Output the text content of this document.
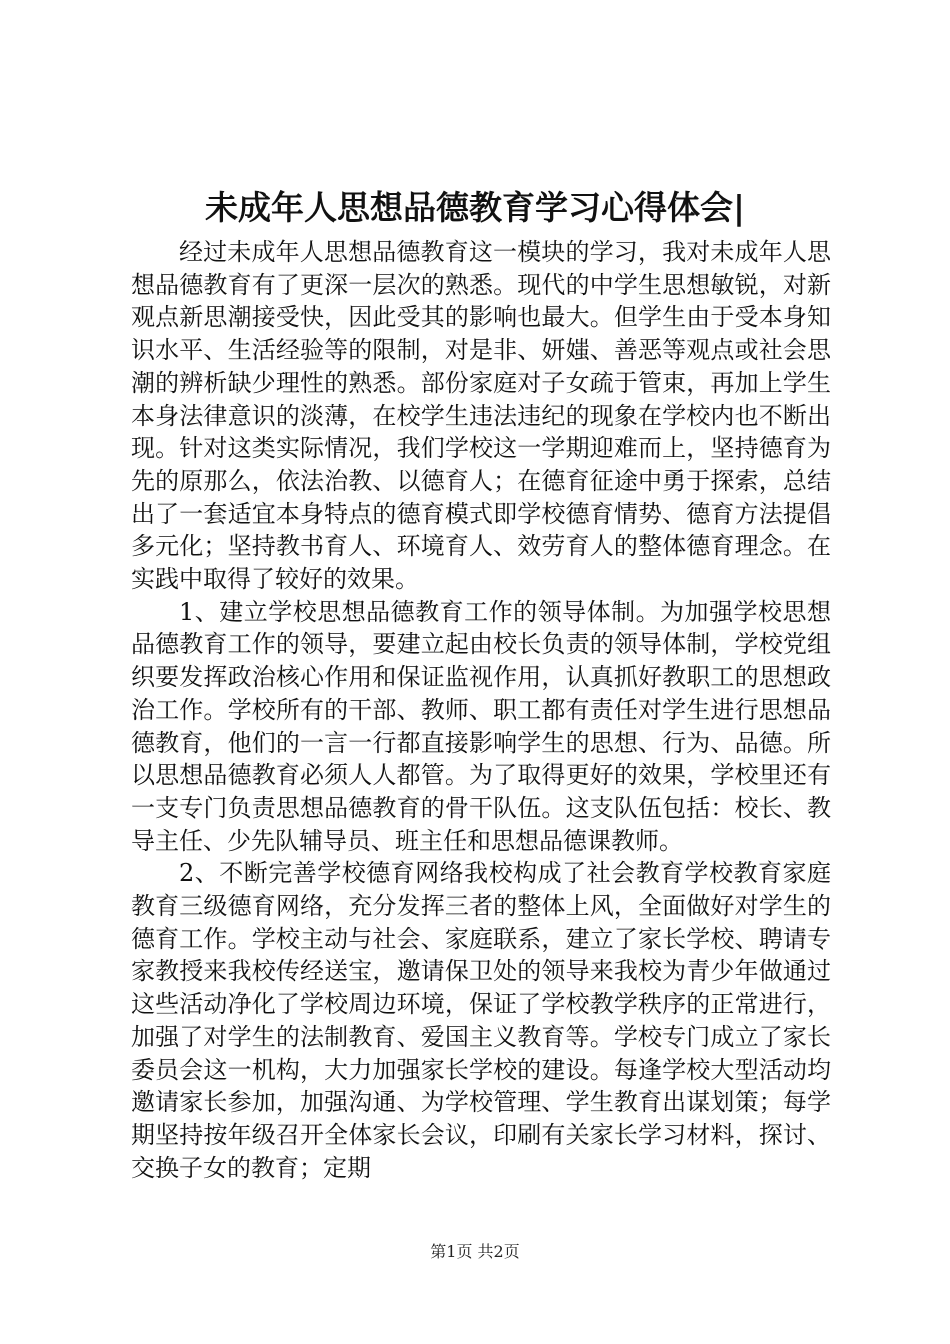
未成年人思想品德教育学习心得体会|

经过未成年人思想品德教育这一模块的学习，我对未成年人思想品德教育有了更深一层次的熟悉。现代的中学生思想敏锐，对新观点新思潮接受快，因此受其的影响也最大。但学生由于受本身知识水平、生活经验等的限制，对是非、妍媸、善恶等观点或社会思潮的辨析缺少理性的熟悉。部份家庭对子女疏于管束，再加上学生本身法律意识的淡薄，在校学生违法违纪的现象在学校内也不断出现。针对这类实际情况，我们学校这一学期迎难而上，坚持德育为先的原那么，依法治教、以德育人；在德育征途中勇于探索，总结出了一套适宜本身特点的德育模式即学校德育情势、德育方法提倡多元化；坚持教书育人、环境育人、效劳育人的整体德育理念。在实践中取得了较好的效果。

1、建立学校思想品德教育工作的领导体制。为加强学校思想品德教育工作的领导，要建立起由校长负责的领导体制，学校党组织要发挥政治核心作用和保证监视作用，认真抓好教职工的思想政治工作。学校所有的干部、教师、职工都有责任对学生进行思想品德教育，他们的一言一行都直接影响学生的思想、行为、品德。所以思想品德教育必须人人都管。为了取得更好的效果，学校里还有一支专门负责思想品德教育的骨干队伍。这支队伍包括：校长、教导主任、少先队辅导员、班主任和思想品德课教师。

2、不断完善学校德育网络我校构成了社会教育学校教育家庭教育三级德育网络，充分发挥三者的整体上风，全面做好对学生的德育工作。学校主动与社会、家庭联系，建立了家长学校、聘请专家教授来我校传经送宝，邀请保卫处的领导来我校为青少年做通过这些活动净化了学校周边环境，保证了学校教学秩序的正常进行，加强了对学生的法制教育、爱国主义教育等。学校专门成立了家长委员会这一机构，大力加强家长学校的建设。每逢学校大型活动均邀请家长参加，加强沟通、为学校管理、学生教育出谋划策；每学期坚持按年级召开全体家长会议，印刷有关家长学习材料，探讨、交换子女的教育；定期

第1页 共2页
